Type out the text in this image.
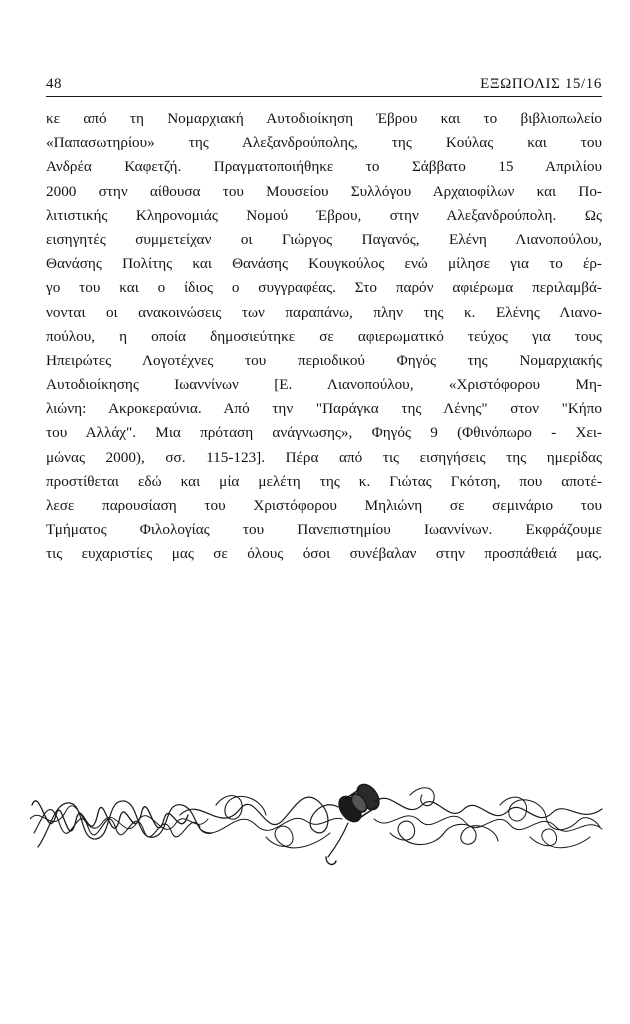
48	ΕΞΩΠΟΛΙΣ 15/16
κε από τη Νομαρχιακή Αυτοδιοίκηση Έβρου και το βιβλιοπωλείο
«Παπασωτηρίου» της Αλεξανδρούπολης, της Κούλας και του
Ανδρέα Καφετζή. Πραγματοποιήθηκε το Σάββατο 15 Απριλίου
2000 στην αίθουσα του Μουσείου Συλλόγου Αρχαιοφίλων και Πο-
λιτιστικής Κληρονομιάς Νομού Έβρου, στην Αλεξανδρούπολη. Ως
εισηγητές συμμετείχαν οι Γιώργος Παγανός, Ελένη Λιανοπούλου,
Θανάσης Πολίτης και Θανάσης Κουγκούλος ενώ μίλησε για το έρ-
γο του και ο ίδιος ο συγγραφέας. Στο παρόν αφιέρωμα περιλαμβά-
νονται οι ανακοινώσεις των παραπάνω, πλην της κ. Ελένης Λιανο-
πούλου, η οποία δημοσιεύτηκε σε αφιερωματικό τεύχος για τους
Ηπειρώτες Λογοτέχνες του περιοδικού Φηγός της Νομαρχιακής
Αυτοδιοίκησης Ιωαννίνων [Ε. Λιανοπούλου, «Χριστόφορου Μη-
λιώνη: Ακροκεραύνια. Από την "Παράγκα της Λένης" στον "Κήπο
του Αλλάχ". Μια πρόταση ανάγνωσης», Φηγός 9 (Φθινόπωρο - Χει-
μώνας 2000), σσ. 115-123]. Πέρα από τις εισηγήσεις της ημερίδας
προστίθεται εδώ και μία μελέτη της κ. Γιώτας Γκότση, που αποτέ-
λεσε παρουσίαση του Χριστόφορου Μηλιώνη σε σεμινάριο του
Τμήματος Φιλολογίας του Πανεπιστημίου Ιωαννίνων. Εκφράζουμε
τις ευχαριστίες μας σε όλους όσοι συνέβαλαν στην προσπάθειά μας.
